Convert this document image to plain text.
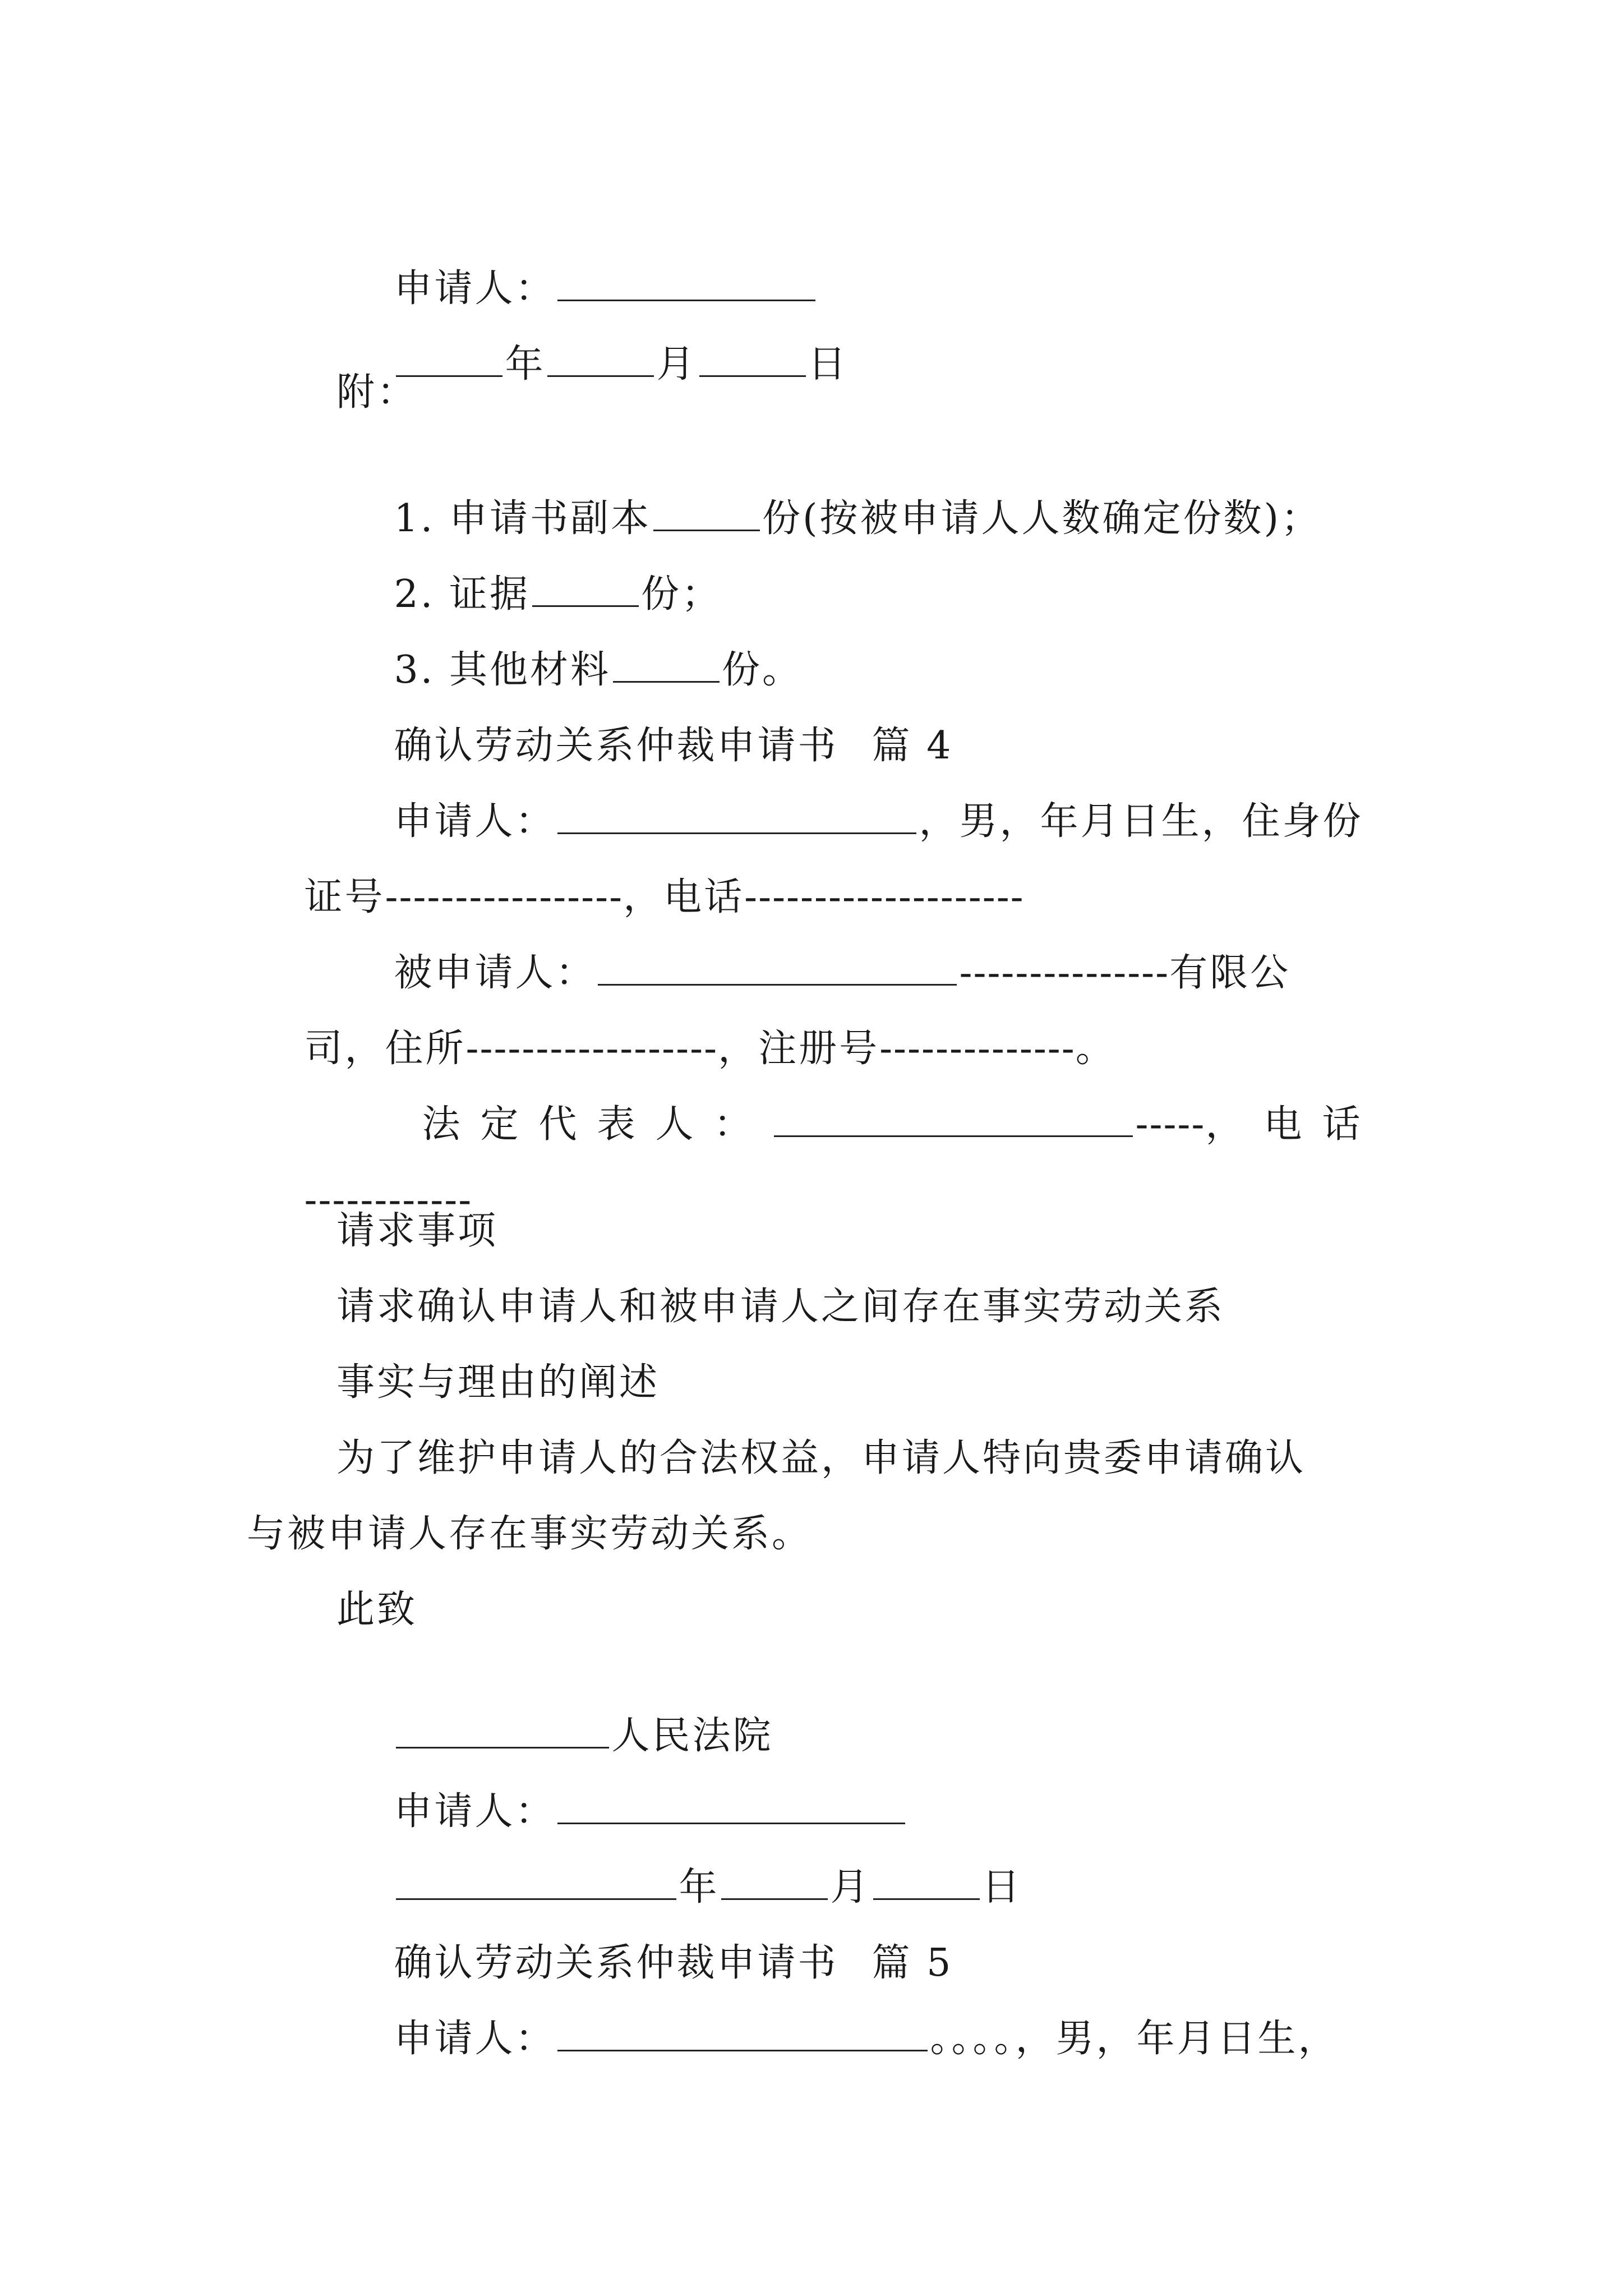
申请人：

年	月	日

附：

1. 申请书副本	份(按被申请人人数确定份数)；

2. 证据	份；

3. 其他材料	份。

确认劳动关系仲裁申请书 篇 4

申请人：	，男，年月日生，住身份

证号-----------------，电话--------------------

被申请人：	---------------有限公

司，住所------------------，注册号--------------。

法定代表人：	-----，电话

------------

请求事项
请求确认申请人和被申请人之间存在事实劳动关系
事实与理由的阐述
为了维护申请人的合法权益，申请人特向贵委申请确认
与被申请人存在事实劳动关系。
此致

人民法院

申请人：

年	月	日

确认劳动关系仲裁申请书 篇 5

申请人：	。。。。，男，年月日生，
